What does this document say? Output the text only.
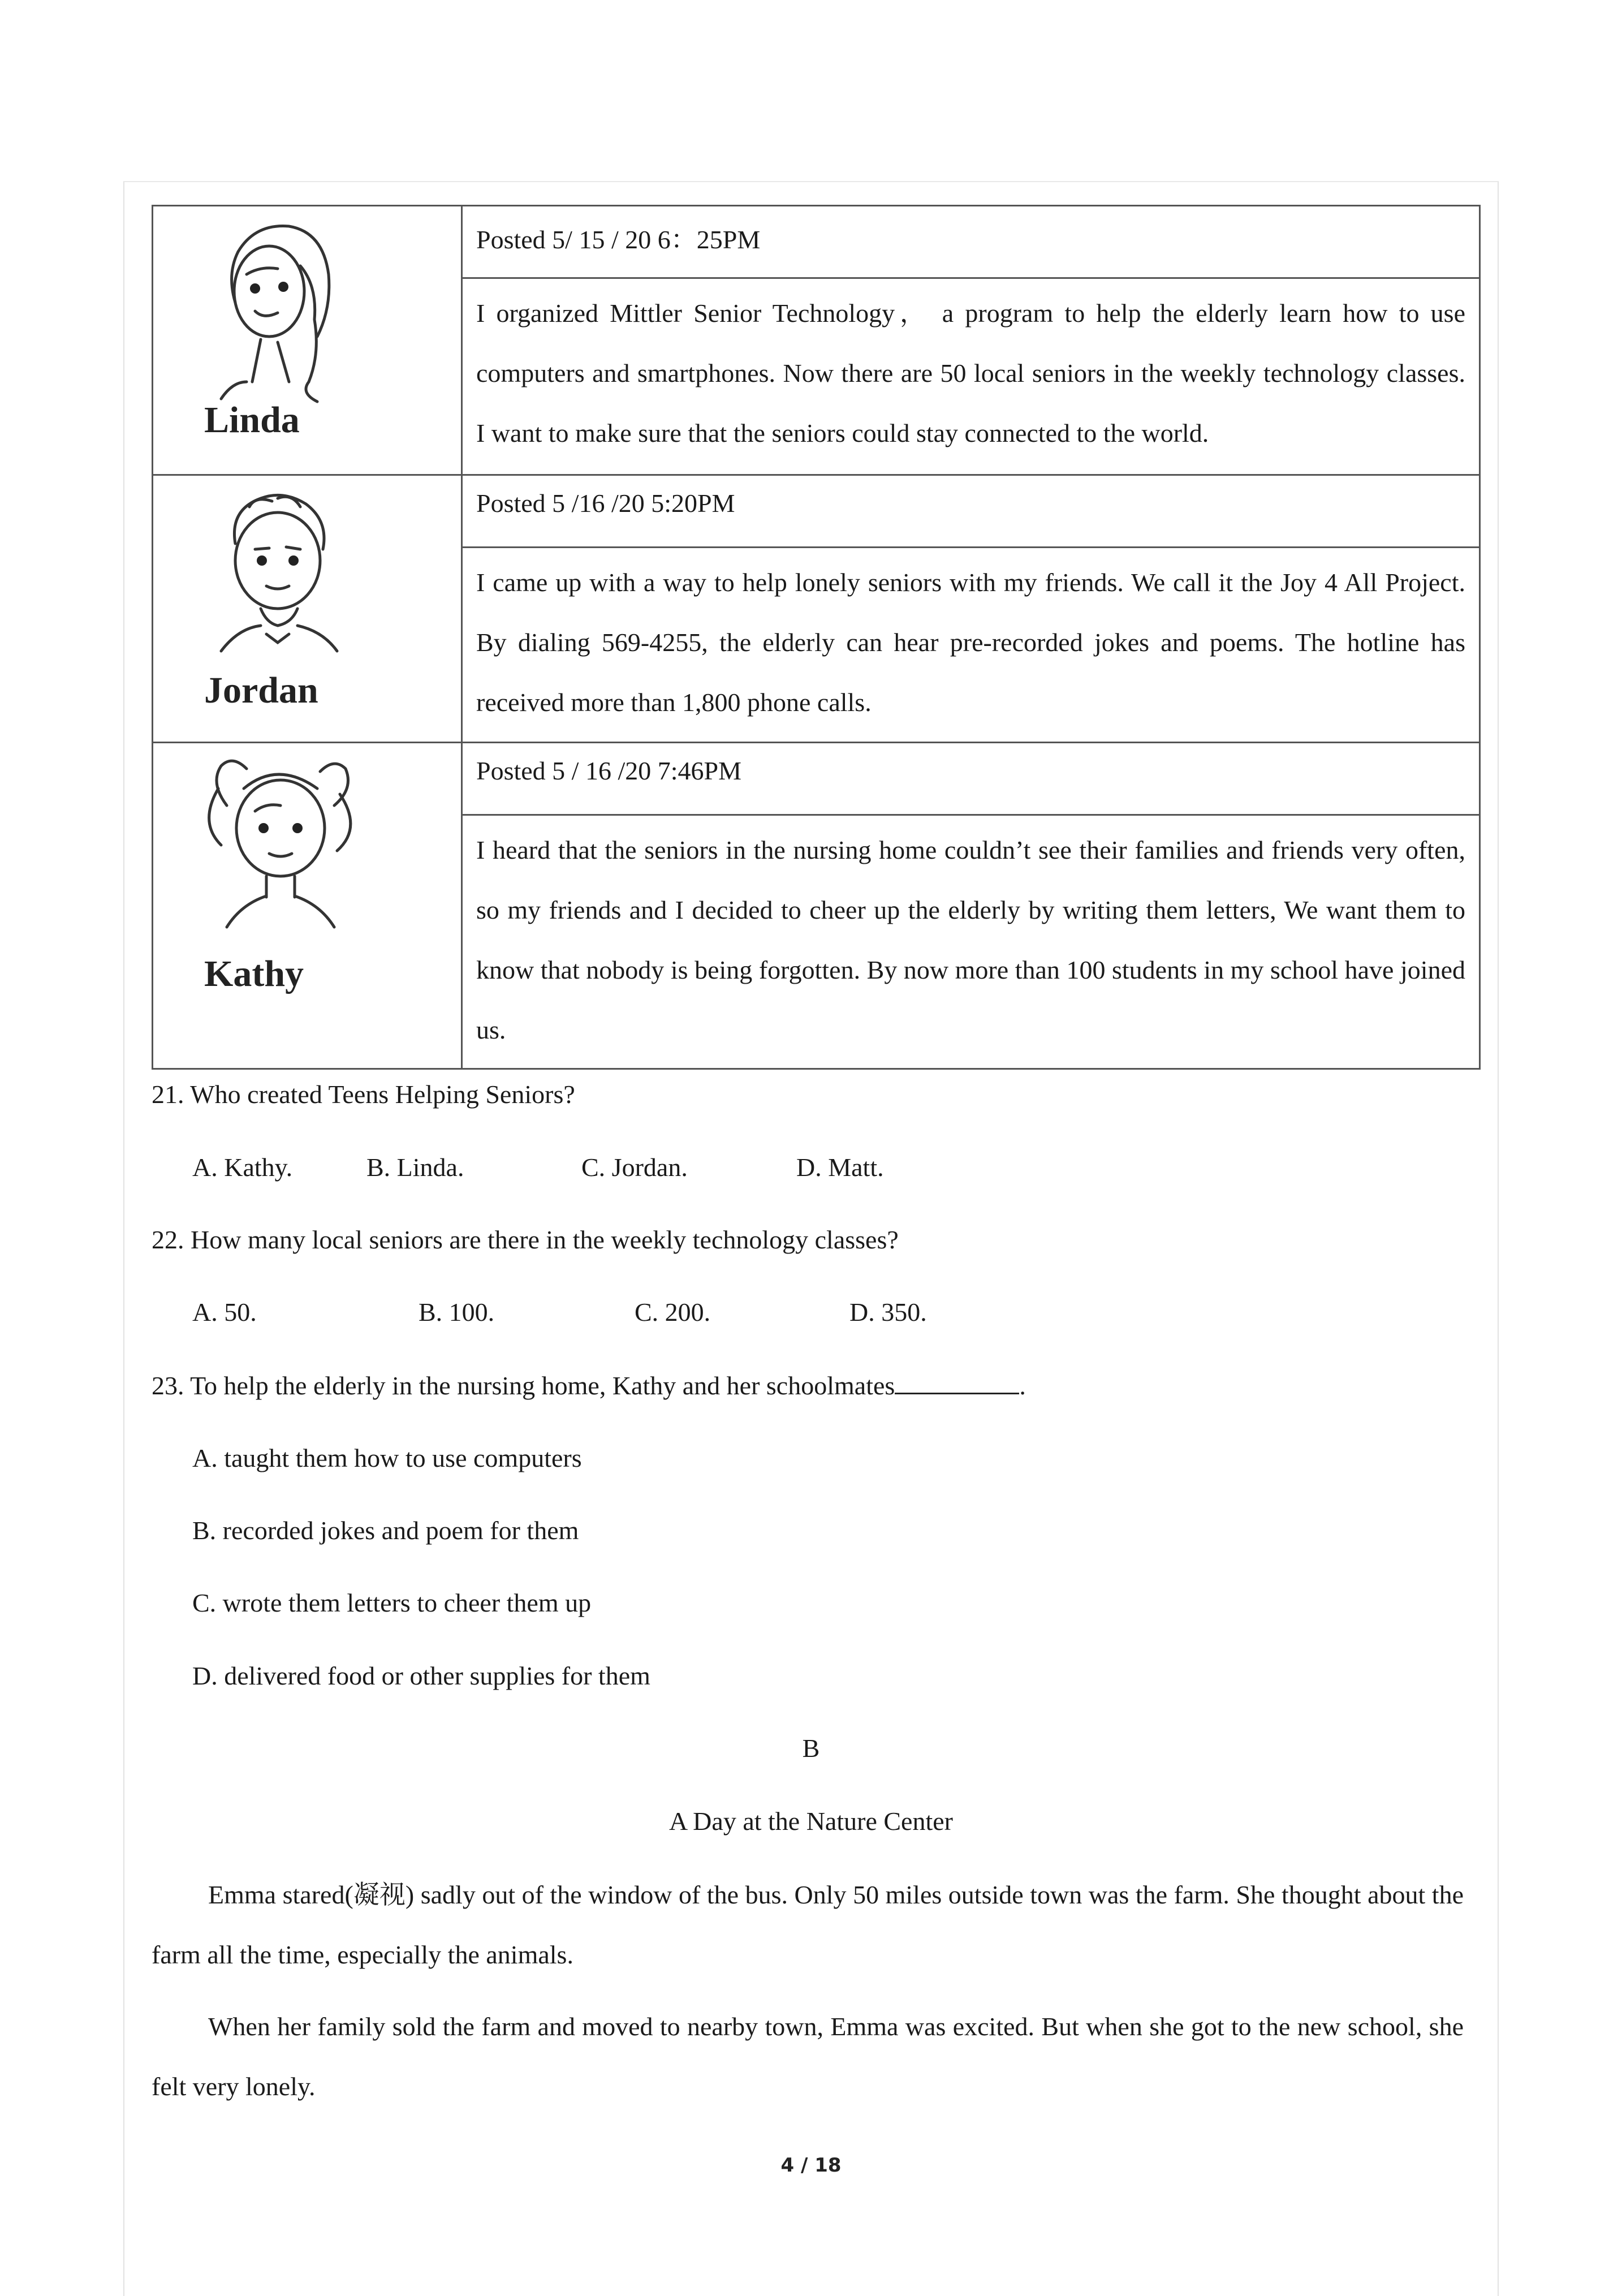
Linda
Posted 5/ 15 / 20 6：25PM
I organized Mittler Senior Technology， a program to help the elderly learn how to use computers and smartphones. Now there are 50 local seniors in the weekly technology classes. I want to make sure that the seniors could stay connected to the world.
Jordan
Posted 5 /16 /20 5:20PM
I came up with a way to help lonely seniors with my friends. We call it the Joy 4 All Project. By dialing 569-4255, the elderly can hear pre-recorded jokes and poems. The hotline has received more than 1,800 phone calls.
Kathy
Posted 5 / 16 /20 7:46PM
I heard that the seniors in the nursing home couldn’t see their families and friends very often, so my friends and I decided to cheer up the elderly by writing them letters, We want them to know that nobody is being forgotten. By now more than 100 students in my school have joined us.
21. Who created Teens Helping Seniors?
A. Kathy.	B. Linda.	C. Jordan.	D. Matt.
22. How many local seniors are there in the weekly technology classes?
A. 50.	B. 100.	C. 200.	D. 350.
23. To help the elderly in the nursing home, Kathy and her schoolmates	.
A. taught them how to use computers
B. recorded jokes and poem for them
C. wrote them letters to cheer them up
D. delivered food or other supplies for them
B
A Day at the Nature Center
Emma stared(凝视) sadly out of the window of the bus. Only 50 miles outside town was the farm. She thought about the farm all the time, especially the animals.
When her family sold the farm and moved to nearby town, Emma was excited. But when she got to the new school, she felt very lonely.
4 / 18
